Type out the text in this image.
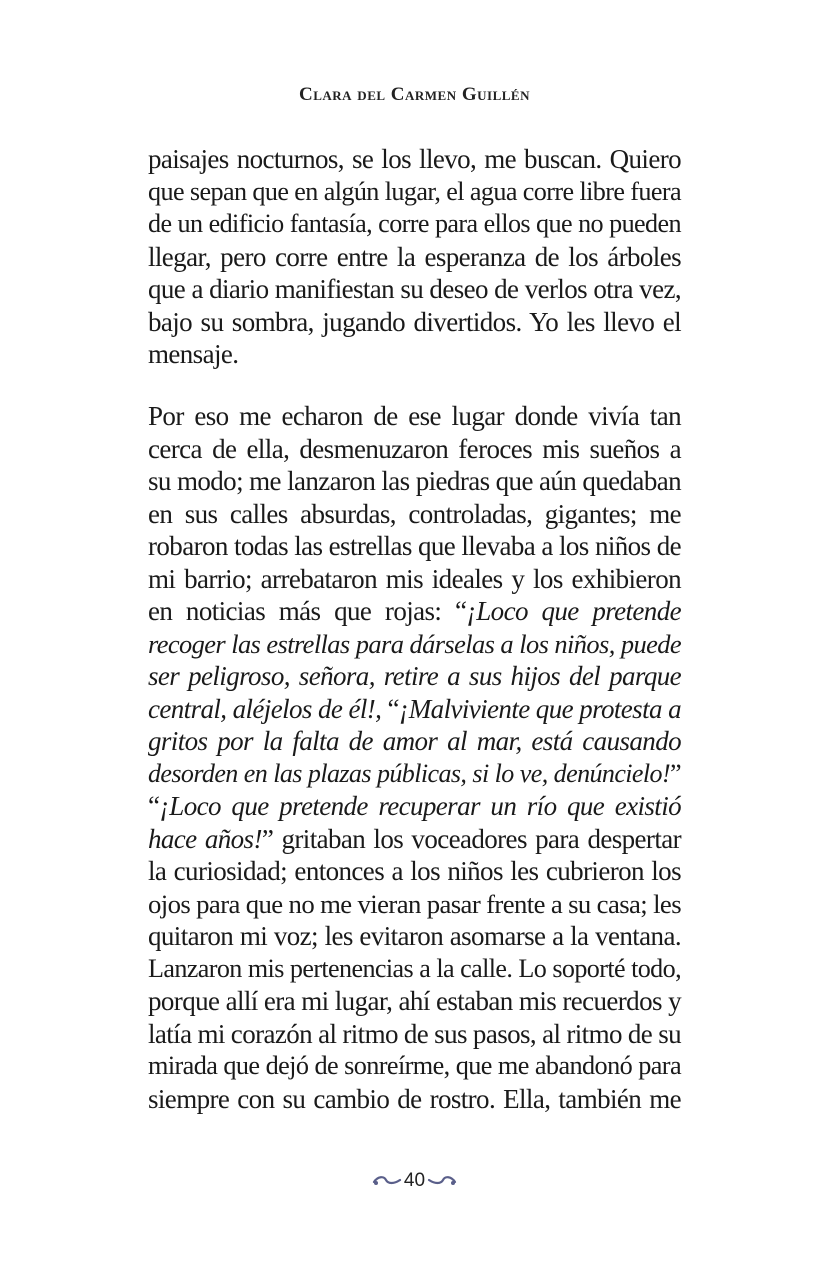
Clara del Carmen Guillén
paisajes nocturnos, se los llevo, me buscan. Quiero
que sepan que en algún lugar, el agua corre libre fuera
de un edificio fantasía, corre para ellos que no pueden
llegar, pero corre entre la esperanza de los árboles
que a diario manifiestan su deseo de verlos otra vez,
bajo su sombra, jugando divertidos. Yo les llevo el
mensaje.
Por eso me echaron de ese lugar donde vivía tan
cerca de ella, desmenuzaron feroces mis sueños a
su modo; me lanzaron las piedras que aún quedaban
en sus calles absurdas, controladas, gigantes; me
robaron todas las estrellas que llevaba a los niños de
mi barrio; arrebataron mis ideales y los exhibieron
en noticias más que rojas: “¡Loco que pretende
recoger las estrellas para dárselas a los niños, puede
ser peligroso, señora, retire a sus hijos del parque
central, aléjelos de él!, “¡Malviviente que protesta a
gritos por la falta de amor al mar, está causando
desorden en las plazas públicas, si lo ve, denúncielo!”
“¡Loco que pretende recuperar un río que existió
hace años!” gritaban los voceadores para despertar
la curiosidad; entonces a los niños les cubrieron los
ojos para que no me vieran pasar frente a su casa; les
quitaron mi voz; les evitaron asomarse a la ventana.
Lanzaron mis pertenencias a la calle. Lo soporté todo,
porque allí era mi lugar, ahí estaban mis recuerdos y
latía mi corazón al ritmo de sus pasos, al ritmo de su
mirada que dejó de sonreírme, que me abandonó para
siempre con su cambio de rostro. Ella, también me
40
